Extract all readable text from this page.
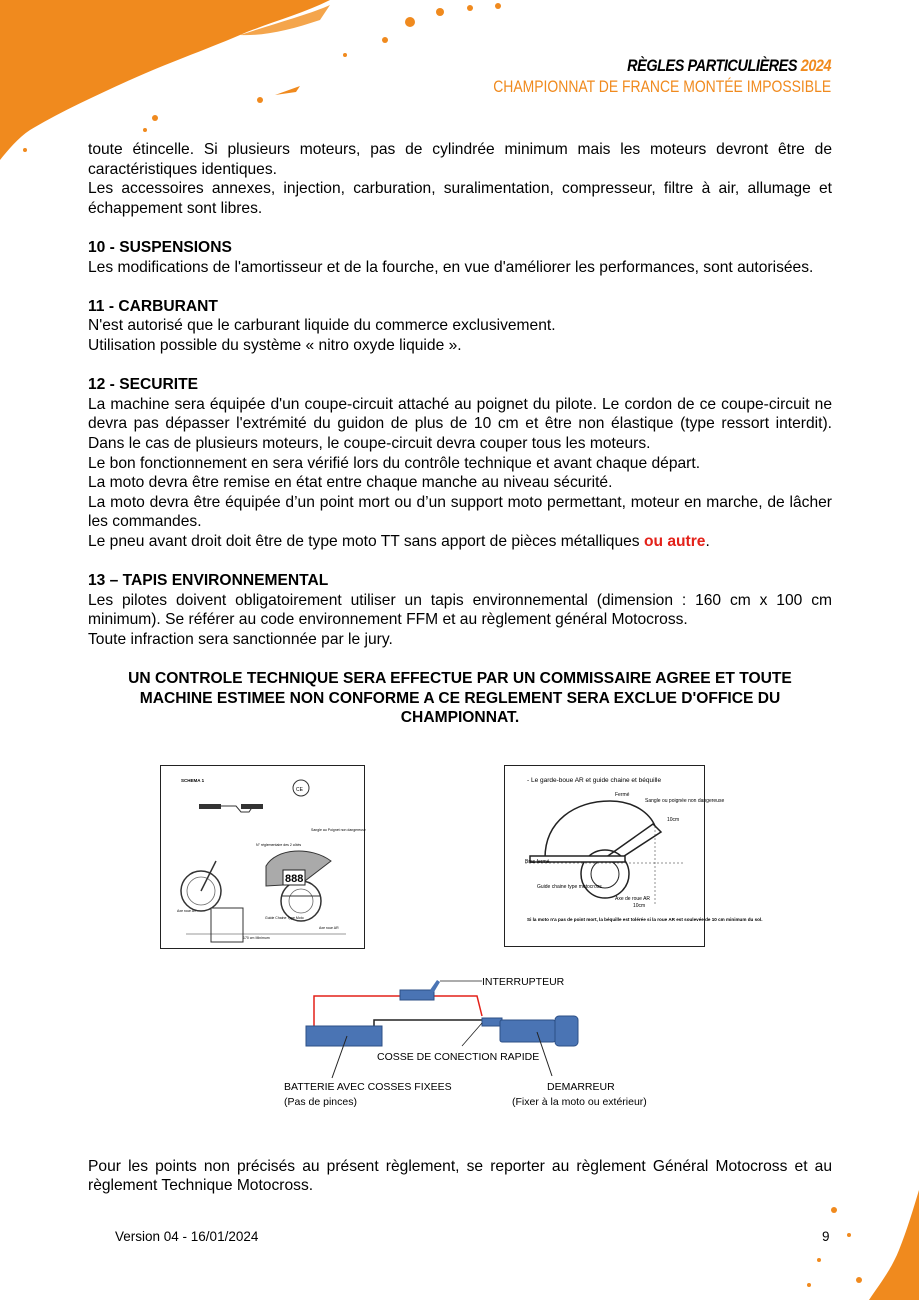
RÈGLES PARTICULIÈRES 2024
CHAMPIONNAT DE FRANCE MONTÉE IMPOSSIBLE

toute étincelle. Si plusieurs moteurs, pas de cylindrée minimum mais les moteurs devront être de caractéristiques identiques.

Les accessoires annexes, injection, carburation, suralimentation, compresseur, filtre à air, allumage et échappement sont libres.

10 - SUSPENSIONS

Les modifications de l'amortisseur et de la fourche, en vue d'améliorer les performances, sont autorisées.

11 - CARBURANT

N'est autorisé que le carburant liquide du commerce exclusivement.

Utilisation possible du système « nitro oxyde liquide ».

12 - SECURITE

La machine sera équipée d'un coupe-circuit attaché au poignet du pilote. Le cordon de ce coupe-circuit ne devra pas dépasser l'extrémité du guidon de plus de 10 cm et être non élastique (type ressort interdit). Dans le cas de plusieurs moteurs, le coupe-circuit devra couper tous les moteurs.

Le bon fonctionnement en sera vérifié lors du contrôle technique et avant chaque départ.

La moto devra être remise en état entre chaque manche au niveau sécurité.

La moto devra être équipée d’un point mort ou d’un support moto permettant, moteur en marche, de lâcher les commandes.

Le pneu avant droit doit être de type moto TT sans apport de pièces métalliques ou autre.

13 – TAPIS ENVIRONNEMENTAL

Les pilotes doivent obligatoirement utiliser un tapis environnemental (dimension : 160 cm x 100 cm minimum). Se référer au code environnement FFM et au règlement général Motocross.

Toute infraction sera sanctionnée par le jury.

UN CONTROLE TECHNIQUE SERA EFFECTUE PAR UN COMMISSAIRE AGREE ET TOUTE MACHINE ESTIMEE NON CONFORME A CE REGLEMENT SERA EXCLUE D'OFFICE DU CHAMPIONNAT.

SCHEMA 1
CE
Sangle au Poignet non dangereuse
N° réglementaire des 2 côtés
888
Axe roue AV
Axe roue AR
Guide Chaine Type Moto
170 cm Minimum
- Le garde-boue AR et guide chaine et béquille
Fermé
Sangle ou poignée non dangereuse
10cm
Bras fermé
Guide chaine type motocross
Axe de roue AR
10cm
Si la moto n'a pas de point mort, la béquille est tolérée si la roue AR est soulevée de 10 cm minimum du sol.
INTERRUPTEUR
COSSE DE CONECTION RAPIDE
BATTERIE AVEC COSSES FIXEES
(Pas de pinces)
DEMARREUR
(Fixer à la moto ou extérieur)

Pour les points non précisés au présent règlement, se reporter au règlement Général Motocross et au règlement Technique Motocross.

Version 04 - 16/01/2024	9
